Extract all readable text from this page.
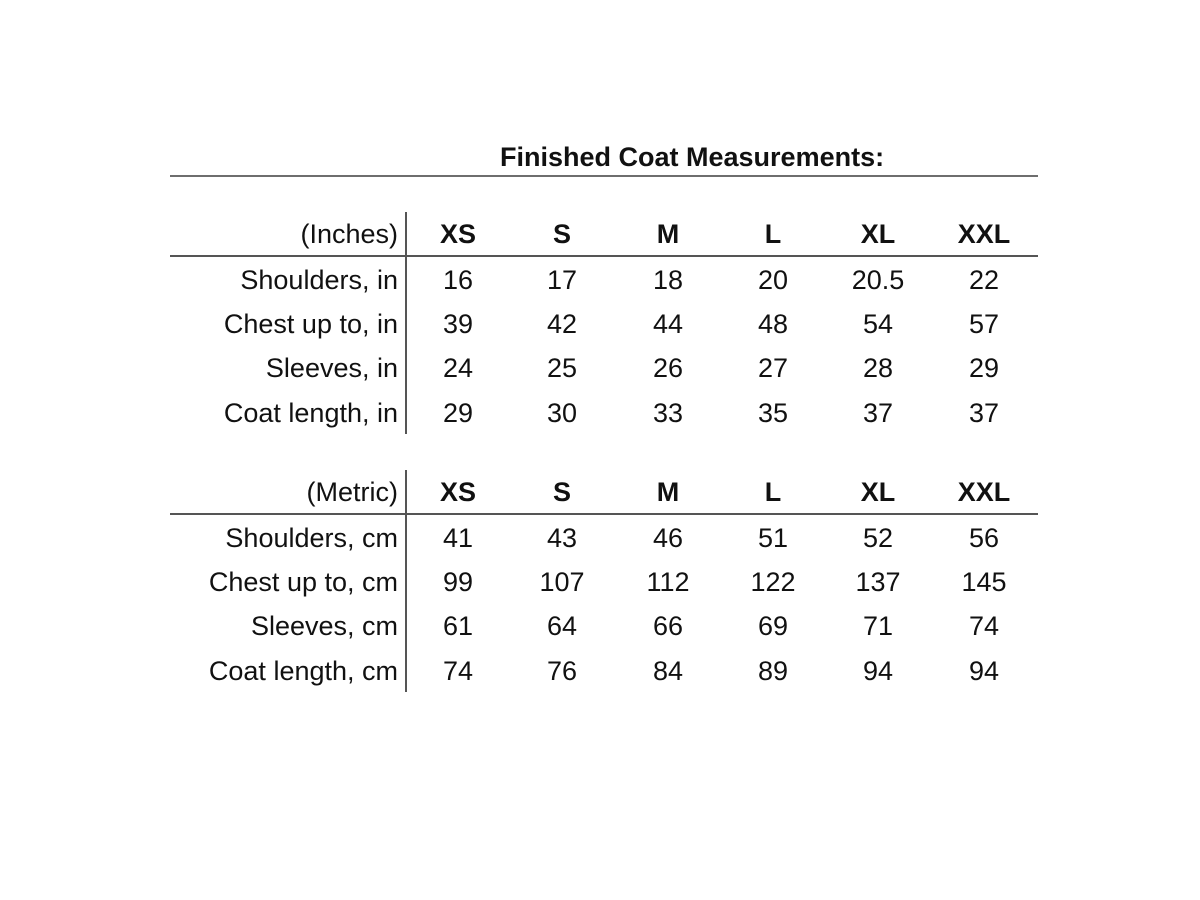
Finished Coat Measurements:
(Inches)	XS	S	M	L	XL	XXL
Shoulders, in	16	17	18	20	20.5	22
Chest up to, in	39	42	44	48	54	57
Sleeves, in	24	25	26	27	28	29
Coat length, in	29	30	33	35	37	37
(Metric)	XS	S	M	L	XL	XXL
Shoulders, cm	41	43	46	51	52	56
Chest up to, cm	99	107	112	122	137	145
Sleeves, cm	61	64	66	69	71	74
Coat length, cm	74	76	84	89	94	94
